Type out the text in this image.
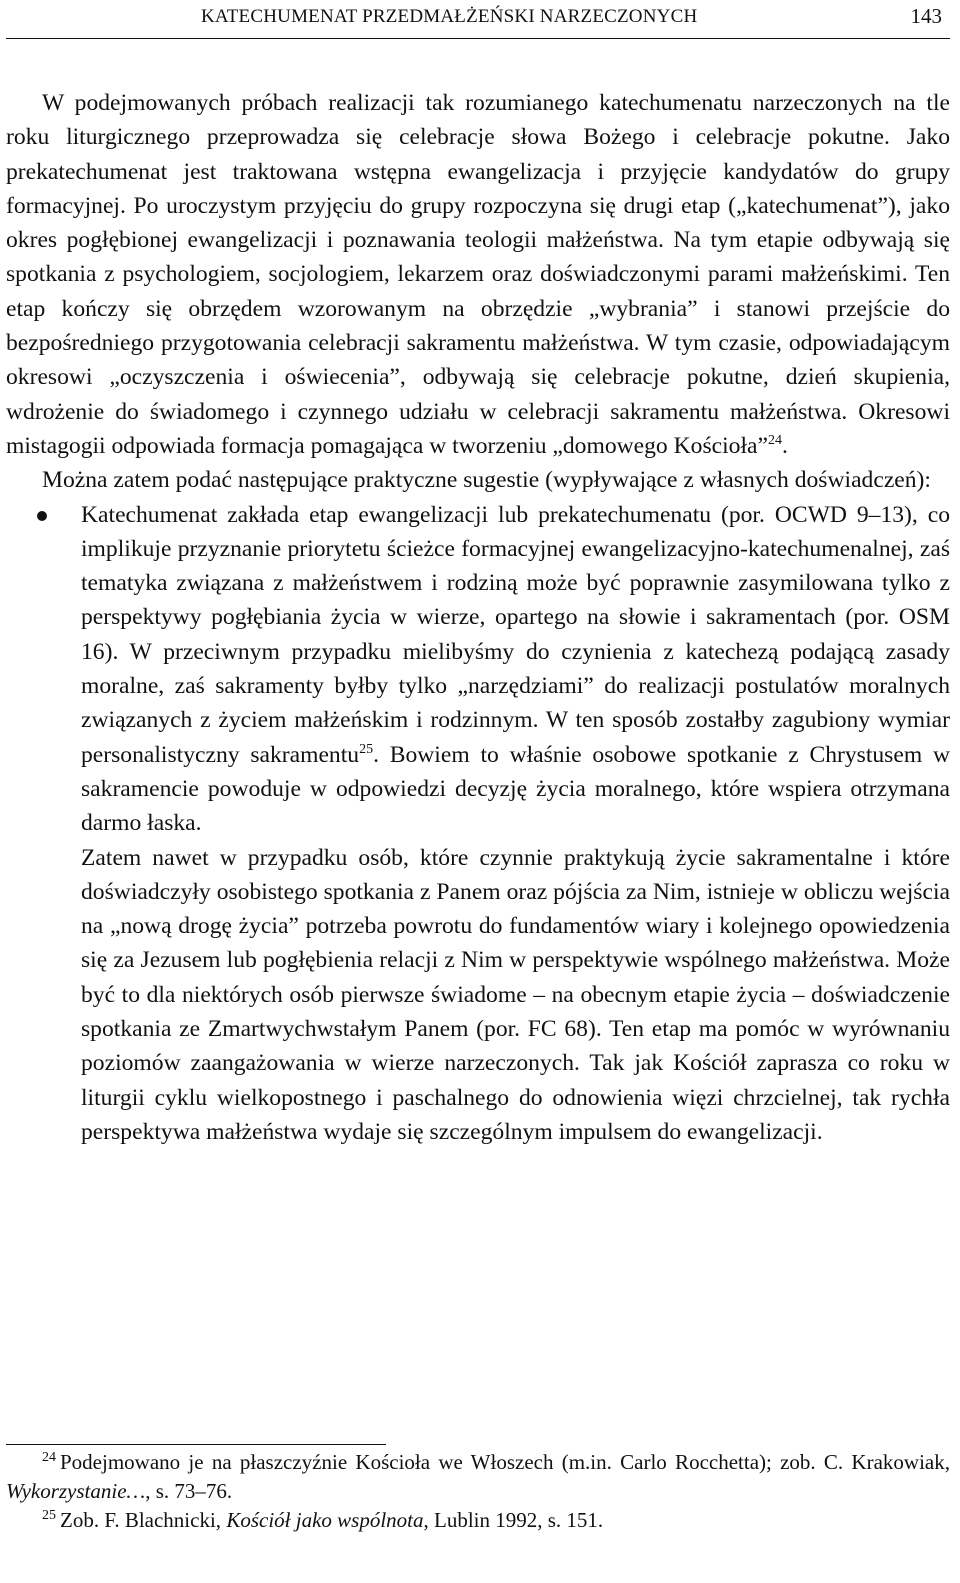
KATECHUMENAT PRZEDMAŁŻEŃSKI NARZECZONYCH	143

W podejmowanych próbach realizacji tak rozumianego katechumenatu narzeczonych na tle roku liturgicznego przeprowadza się celebracje słowa Bożego i celebracje pokutne. Jako prekatechumenat jest traktowana wstępna ewangelizacja i przyjęcie kandydatów do grupy formacyjnej. Po uroczystym przyjęciu do grupy rozpoczyna się drugi etap („katechumenat”), jako okres pogłębionej ewangelizacji i poznawania teologii małżeństwa. Na tym etapie odbywają się spotkania z psychologiem, socjologiem, lekarzem oraz doświadczonymi parami małżeńskimi. Ten etap kończy się obrzędem wzorowanym na obrzędzie „wybrania” i stanowi przejście do bezpośredniego przygotowania celebracji sakramentu małżeństwa. W tym czasie, odpowiadającym okresowi „oczyszczenia i oświecenia”, odbywają się celebracje pokutne, dzień skupienia, wdrożenie do świadomego i czynnego udziału w celebracji sakramentu małżeństwa. Okresowi mistagogii odpowiada formacja pomagająca w tworzeniu „domowego Kościoła”$^{24}$.

Można zatem podać następujące praktyczne sugestie (wypływające z własnych doświadczeń):

Katechumenat zakłada etap ewangelizacji lub prekatechumenatu (por. OCWD 9–13), co implikuje przyznanie priorytetu ścieżce formacyjnej ewangelizacyjno-katechumenalnej, zaś tematyka związana z małżeństwem i rodziną może być poprawnie zasymilowana tylko z perspektywy pogłębiania życia w wierze, opartego na słowie i sakramentach (por. OSM 16). W przeciwnym przypadku mielibyśmy do czynienia z katechezą podającą zasady moralne, zaś sakramenty byłby tylko „narzędziami” do realizacji postulatów moralnych związanych z życiem małżeńskim i rodzinnym. W ten sposób zostałby zagubiony wymiar personalistyczny sakramentu$^{25}$. Bowiem to właśnie osobowe spotkanie z Chrystusem w sakramencie powoduje w odpowiedzi decyzję życia moralnego, które wspiera otrzymana darmo łaska.
Zatem nawet w przypadku osób, które czynnie praktykują życie sakramentalne i które doświadczyły osobistego spotkania z Panem oraz pójścia za Nim, istnieje w obliczu wejścia na „nową drogę życia” potrzeba powrotu do fundamentów wiary i kolejnego opowiedzenia się za Jezusem lub pogłębienia relacji z Nim w perspektywie wspólnego małżeństwa. Może być to dla niektórych osób pierwsze świadome – na obecnym etapie życia – doświadczenie spotkania ze Zmartwychwstałym Panem (por. FC 68). Ten etap ma pomóc w wyrównaniu poziomów zaangażowania w wierze narzeczonych. Tak jak Kościół zaprasza co roku w liturgii cyklu wielkopostnego i paschalnego do odnowienia więzi chrzcielnej, tak rychła perspektywa małżeństwa wydaje się szczególnym impulsem do ewangelizacji.

$^{24}$ Podejmowano je na płaszczyźnie Kościoła we Włoszech (m.in. Carlo Rocchetta); zob. C. Krakowiak, Wykorzystanie…, s. 73–76.

$^{25}$ Zob. F. Blachnicki, Kościół jako wspólnota, Lublin 1992, s. 151.
